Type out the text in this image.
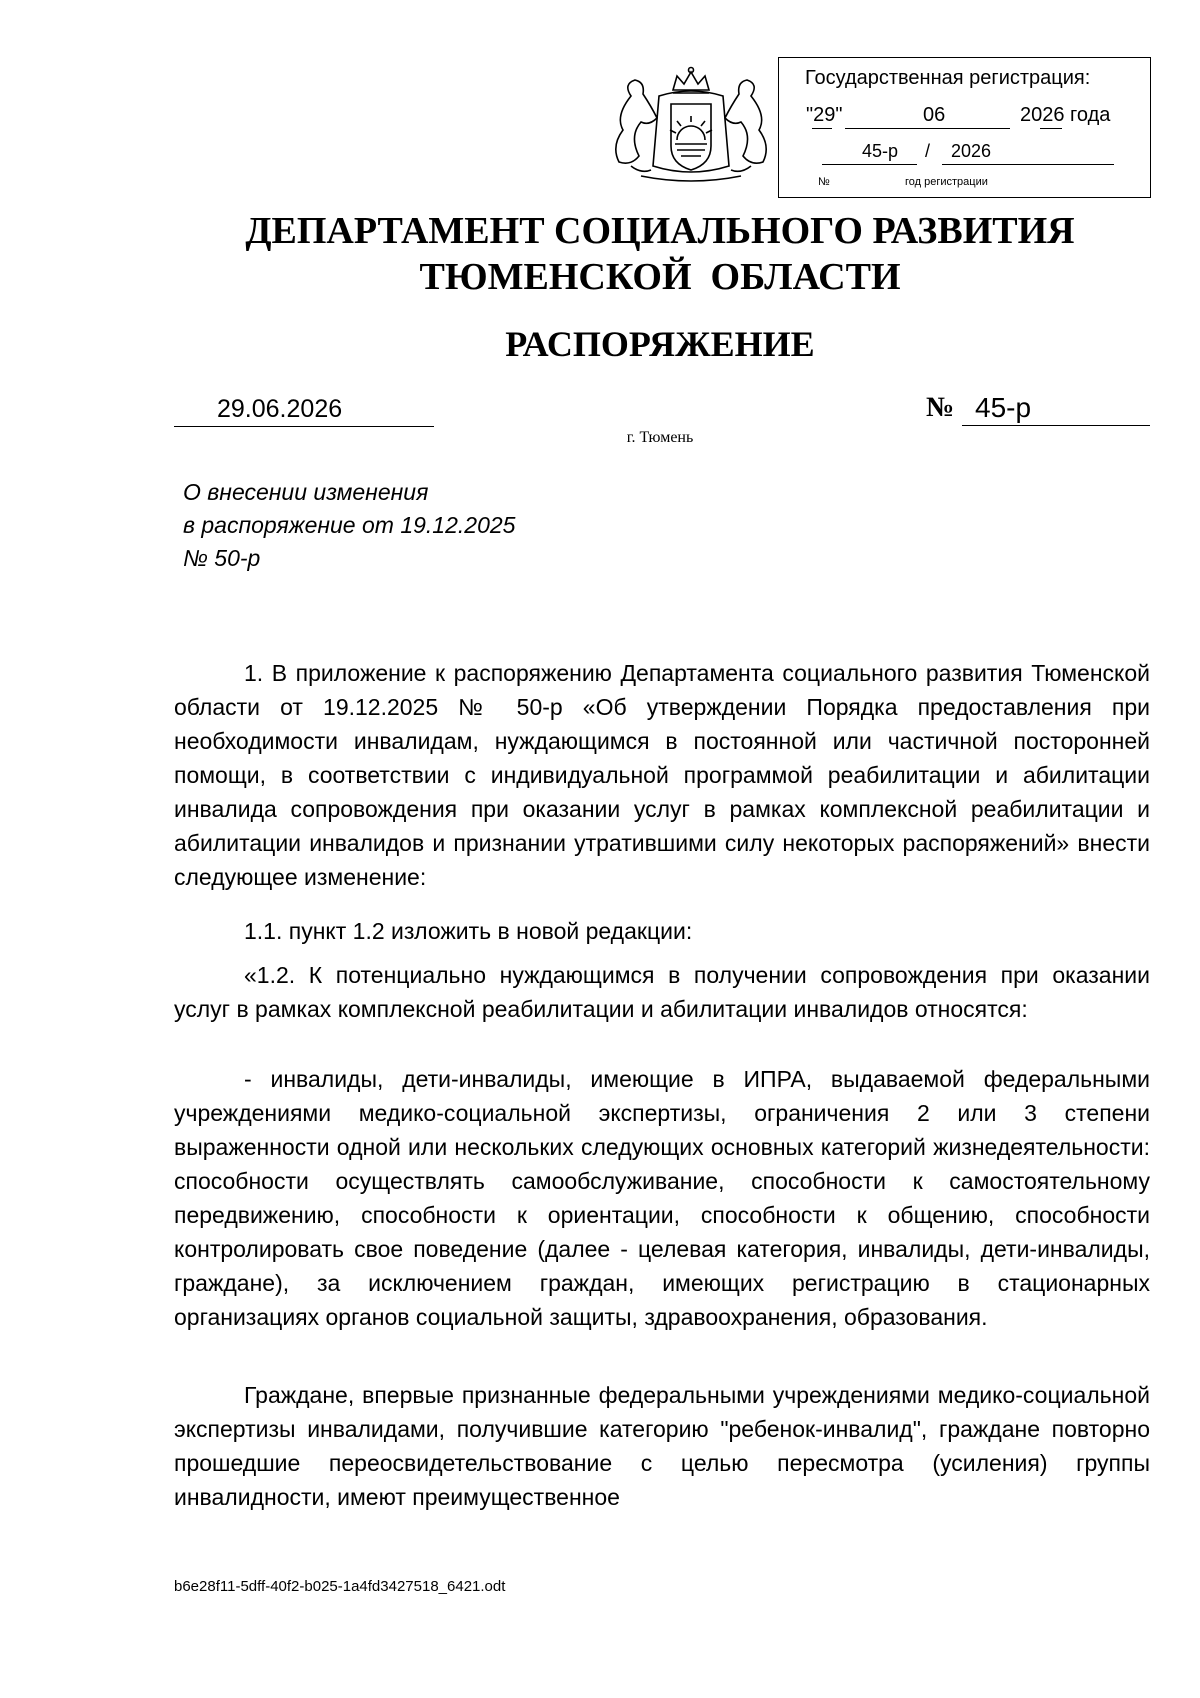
Государственная регистрация:
"29"	06	2026 года
45-р / 2026
№	год регистрации
ДЕПАРТАМЕНТ СОЦИАЛЬНОГО РАЗВИТИЯ
ТЮМЕНСКОЙ  ОБЛАСТИ
РАСПОРЯЖЕНИЕ
29.06.2026	№ 45-р
г. Тюмень
О внесении изменения
в распоряжение от 19.12.2025
№ 50-р
1. В приложение к распоряжению Департамента социального развития Тюменской области от 19.12.2025 № 50-р «Об утверждении Порядка предоставления при необходимости инвалидам, нуждающимся в постоянной или частичной посторонней помощи, в соответствии с индивидуальной программой реабилитации и абилитации инвалида сопровождения при оказании услуг в рамках комплексной реабилитации и абилитации инвалидов и признании утратившими силу некоторых распоряжений» внести следующее изменение:
1.1. пункт 1.2 изложить в новой редакции:
«1.2. К потенциально нуждающимся в получении сопровождения при оказании услуг в рамках комплексной реабилитации и абилитации инвалидов относятся:
- инвалиды, дети-инвалиды, имеющие в ИПРА, выдаваемой федеральными учреждениями медико-социальной экспертизы, ограничения 2 или 3 степени выраженности одной или нескольких следующих основных категорий жизнедеятельности: способности осуществлять самообслуживание, способности к самостоятельному передвижению, способности к ориентации, способности к общению, способности контролировать свое поведение (далее - целевая категория, инвалиды, дети-инвалиды, граждане), за исключением граждан, имеющих регистрацию в стационарных организациях органов социальной защиты, здравоохранения, образования.
Граждане, впервые признанные федеральными учреждениями медико-социальной экспертизы инвалидами, получившие категорию "ребенок-инвалид", граждане повторно прошедшие переосвидетельствование с целью пересмотра (усиления) группы инвалидности, имеют преимущественное
b6e28f11-5dff-40f2-b025-1a4fd3427518_6421.odt
